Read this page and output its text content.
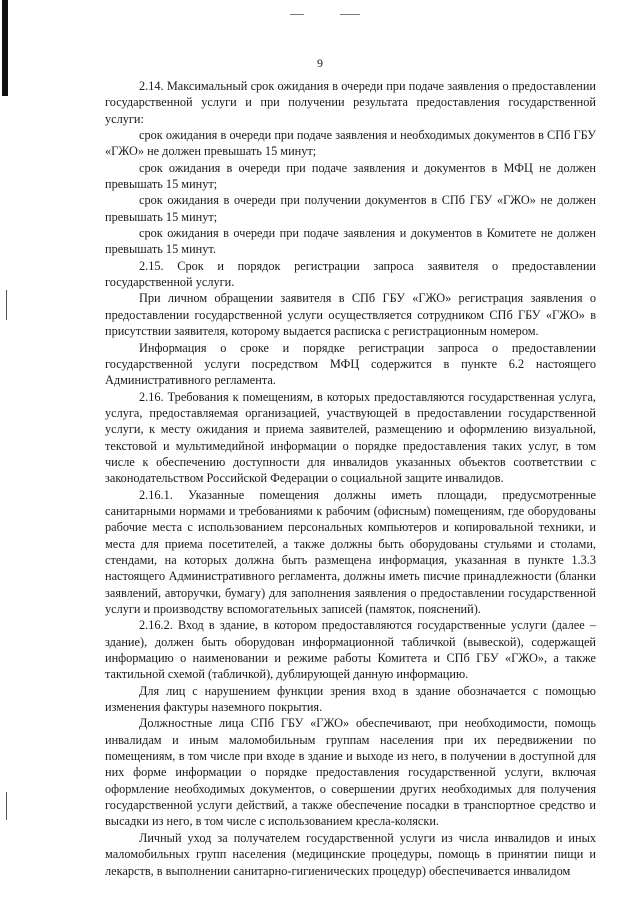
9

2.14. Максимальный срок ожидания в очереди при подаче заявления о предоставлении государственной услуги и при получении результата предоставления государственной услуги:

срок ожидания в очереди при подаче заявления и необходимых документов в СПб ГБУ «ГЖО» не должен превышать 15 минут;

срок ожидания в очереди при подаче заявления и документов в МФЦ не должен превышать 15 минут;

срок ожидания в очереди при получении документов в СПб ГБУ «ГЖО» не должен превышать 15 минут;

срок ожидания в очереди при подаче заявления и документов в Комитете не должен превышать 15 минут.

2.15. Срок и порядок регистрации запроса заявителя о предоставлении государственной услуги.

При личном обращении заявителя в СПб ГБУ «ГЖО» регистрация заявления о предоставлении государственной услуги осуществляется сотрудником СПб ГБУ «ГЖО» в присутствии заявителя, которому выдается расписка с регистрационным номером.

Информация о сроке и порядке регистрации запроса о предоставлении государственной услуги посредством МФЦ содержится в пункте 6.2 настоящего Административного регламента.

2.16. Требования к помещениям, в которых предоставляются государственная услуга, услуга, предоставляемая организацией, участвующей в предоставлении государственной услуги, к месту ожидания и приема заявителей, размещению и оформлению визуальной, текстовой и мультимедийной информации о порядке предоставления таких услуг, в том числе к обеспечению доступности для инвалидов указанных объектов соответствии с законодательством Российской Федерации о социальной защите инвалидов.

2.16.1. Указанные помещения должны иметь площади, предусмотренные санитарными нормами и требованиями к рабочим (офисным) помещениям, где оборудованы рабочие места с использованием персональных компьютеров и копировальной техники, и места для приема посетителей, а также должны быть оборудованы стульями и столами, стендами, на которых должна быть размещена информация, указанная в пункте 1.3.3 настоящего Административного регламента, должны иметь писчие принадлежности (бланки заявлений, авторучки, бумагу) для заполнения заявления о предоставлении государственной услуги и производству вспомогательных записей (памяток, пояснений).

2.16.2. Вход в здание, в котором предоставляются государственные услуги (далее – здание), должен быть оборудован информационной табличкой (вывеской), содержащей информацию о наименовании и режиме работы Комитета и СПб ГБУ «ГЖО», а также тактильной схемой (табличкой), дублирующей данную информацию.

Для лиц с нарушением функции зрения вход в здание обозначается с помощью изменения фактуры наземного покрытия.

Должностные лица СПб ГБУ «ГЖО» обеспечивают, при необходимости, помощь инвалидам и иным маломобильным группам населения при их передвижении по помещениям, в том числе при входе в здание и выходе из него, в получении в доступной для них форме информации о порядке предоставления государственной услуги, включая оформление необходимых документов, о совершении других необходимых для получения государственной услуги действий, а также обеспечение посадки в транспортное средство и высадки из него, в том числе с использованием кресла-коляски.

Личный уход за получателем государственной услуги из числа инвалидов и иных маломобильных групп населения (медицинские процедуры, помощь в принятии пищи и лекарств, в выполнении санитарно-гигиенических процедур) обеспечивается инвалидом
